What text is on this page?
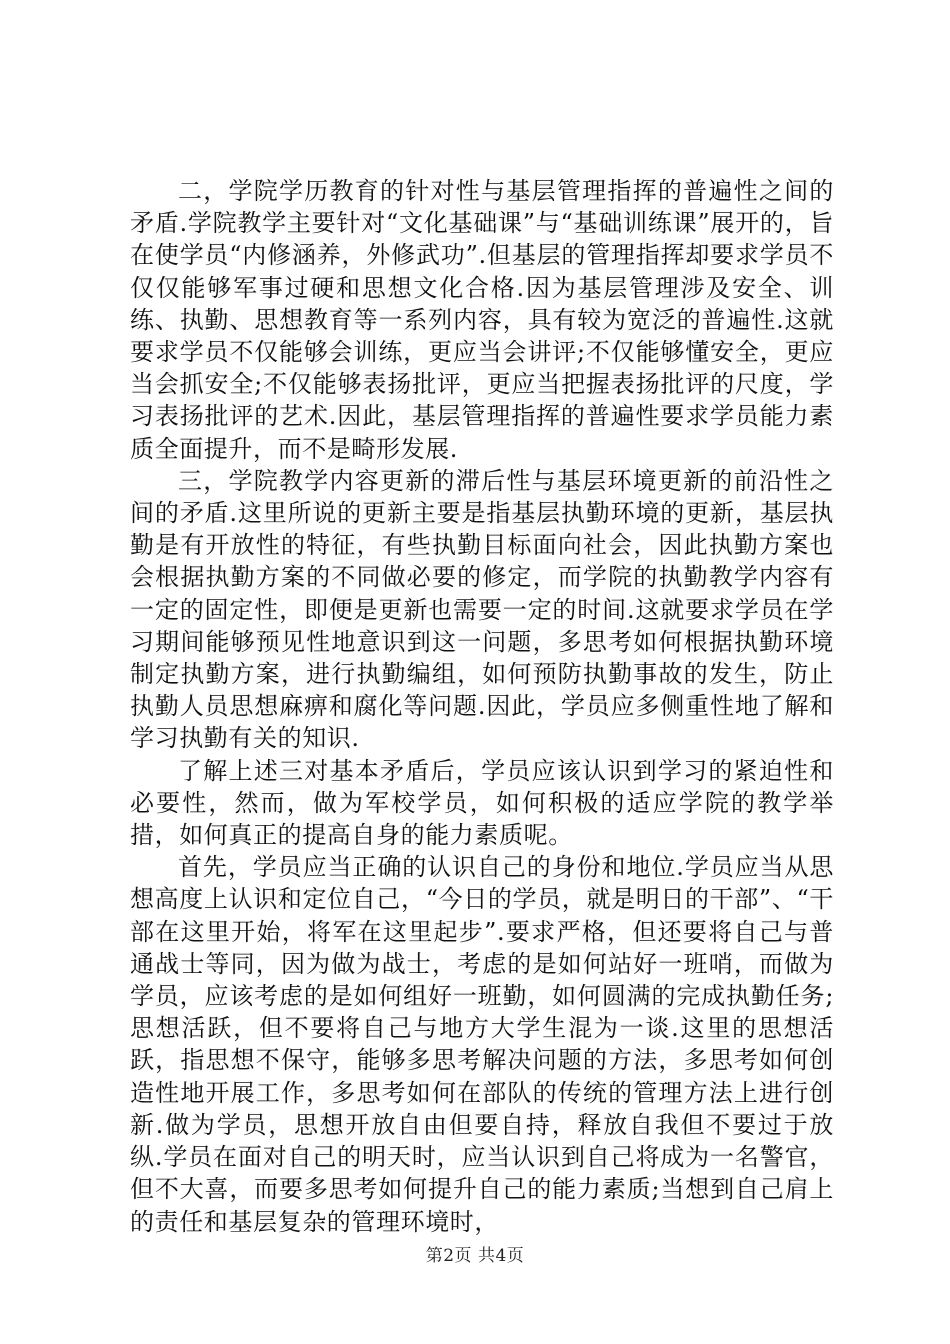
二，学院学历教育的针对性与基层管理指挥的普遍性之间的矛盾.学院教学主要针对“文化基础课”与“基础训练课”展开的，旨在使学员“内修涵养，外修武功”.但基层的管理指挥却要求学员不仅仅能够军事过硬和思想文化合格.因为基层管理涉及安全、训练、执勤、思想教育等一系列内容，具有较为宽泛的普遍性.这就要求学员不仅能够会训练，更应当会讲评;不仅能够懂安全，更应当会抓安全;不仅能够表扬批评，更应当把握表扬批评的尺度，学习表扬批评的艺术.因此，基层管理指挥的普遍性要求学员能力素质全面提升，而不是畸形发展.

三，学院教学内容更新的滞后性与基层环境更新的前沿性之间的矛盾.这里所说的更新主要是指基层执勤环境的更新，基层执勤是有开放性的特征，有些执勤目标面向社会，因此执勤方案也会根据执勤方案的不同做必要的修定，而学院的执勤教学内容有一定的固定性，即便是更新也需要一定的时间.这就要求学员在学习期间能够预见性地意识到这一问题，多思考如何根据执勤环境制定执勤方案，进行执勤编组，如何预防执勤事故的发生，防止执勤人员思想麻痹和腐化等问题.因此，学员应多侧重性地了解和学习执勤有关的知识.

了解上述三对基本矛盾后，学员应该认识到学习的紧迫性和必要性，然而，做为军校学员，如何积极的适应学院的教学举措，如何真正的提高自身的能力素质呢。

首先，学员应当正确的认识自己的身份和地位.学员应当从思想高度上认识和定位自己，“今日的学员，就是明日的干部”、“干部在这里开始，将军在这里起步”.要求严格，但还要将自己与普通战士等同，因为做为战士，考虑的是如何站好一班哨，而做为学员，应该考虑的是如何组好一班勤，如何圆满的完成执勤任务;思想活跃，但不要将自己与地方大学生混为一谈.这里的思想活跃，指思想不保守，能够多思考解决问题的方法，多思考如何创造性地开展工作，多思考如何在部队的传统的管理方法上进行创新.做为学员，思想开放自由但要自持，释放自我但不要过于放纵.学员在面对自己的明天时，应当认识到自己将成为一名警官，但不大喜，而要多思考如何提升自己的能力素质;当想到自己肩上的责任和基层复杂的管理环境时，

第2页 共4页
